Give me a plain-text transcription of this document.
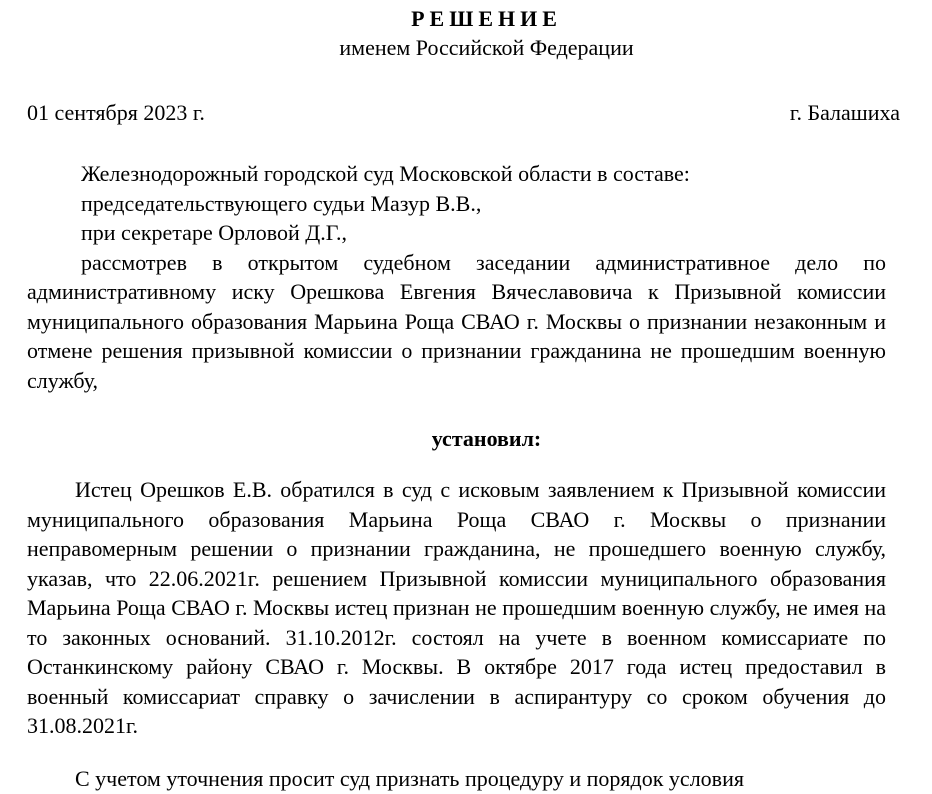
РЕШЕНИЕ

именем Российской Федерации

01 сентября 2023 г.	г. Балашиха

Железнодорожный городской суд Московской области в составе:

председательствующего судьи Мазур В.В.,

при секретаре Орловой Д.Г.,

рассмотрев в открытом судебном заседании административное дело по административному иску Орешкова Евгения Вячеславовича к Призывной комиссии муниципального образования Марьина Роща СВАО г. Москвы о признании незаконным и отмене решения призывной комиссии о признании гражданина не прошедшим военную службу,

установил:

Истец Орешков Е.В. обратился в суд с исковым заявлением к Призывной комиссии муниципального образования Марьина Роща СВАО г. Москвы о признании неправомерным решении о признании гражданина, не прошедшего военную службу, указав, что 22.06.2021г. решением Призывной комиссии муниципального образования Марьина Роща СВАО г. Москвы истец признан не прошедшим военную службу, не имея на то законных оснований. 31.10.2012г. состоял на учете в военном комиссариате по Останкинскому району СВАО г. Москвы. В октябре 2017 года истец предоставил в военный комиссариат справку о зачислении в аспирантуру со сроком обучения до 31.08.2021г.

С учетом уточнения просит суд признать процедуру и порядок условия
